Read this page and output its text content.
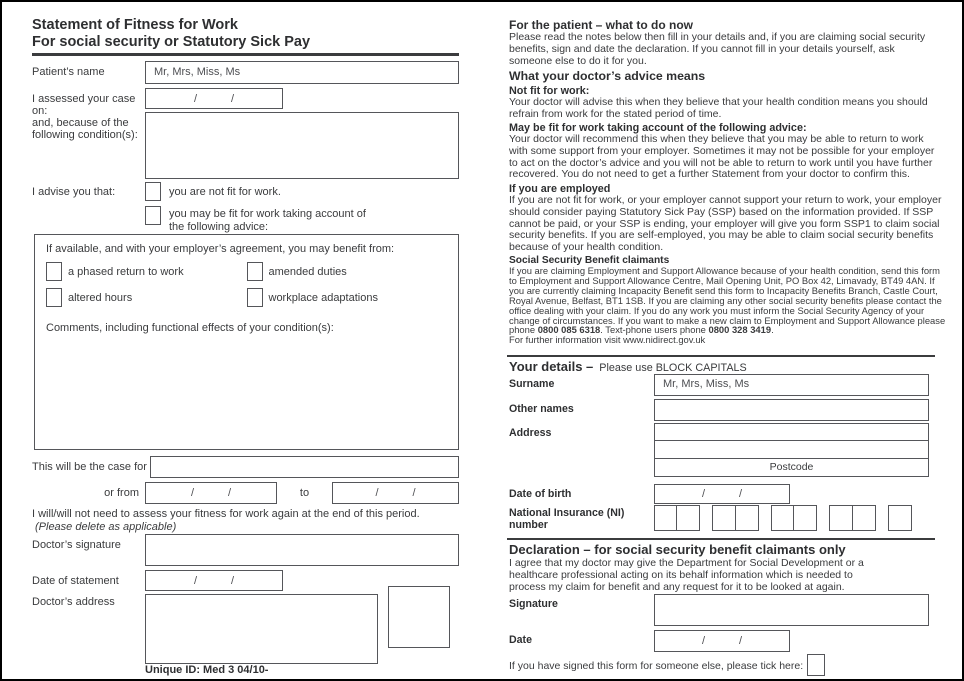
Statement of Fitness for Work
For social security or Statutory Sick Pay
Patient’s name	Mr, Mrs, Miss, Ms
I assessed your case on:
/	/
and, because of the following condition(s):
I advise you that:	you are not fit for work.
you may be fit for work taking account of the following advice:
If available, and with your employer’s agreement, you may benefit from:
a phased return to work	amended duties
altered hours	workplace adaptations
Comments, including functional effects of your condition(s):
This will be the case for
or from	/	/	to	/	/
I will/will not need to assess your fitness for work again at the end of this period.
(Please delete as applicable)
Doctor’s signature
Date of statement	/	/
Doctor’s address
Unique ID: Med 3 04/10-
For the patient – what to do now
Please read the notes below then fill in your details and, if you are claiming social security benefits, sign and date the declaration. If you cannot fill in your details yourself, ask someone else to do it for you.
What your doctor’s advice means
Not fit for work:
Your doctor will advise this when they believe that your health condition means you should refrain from work for the stated period of time.
May be fit for work taking account of the following advice:
Your doctor will recommend this when they believe that you may be able to return to work with some support from your employer. Sometimes it may not be possible for your employer to act on the doctor’s advice and you will not be able to return to work until you have further recovered. You do not need to get a further Statement from your doctor to confirm this.
If you are employed
If you are not fit for work, or your employer cannot support your return to work, your employer should consider paying Statutory Sick Pay (SSP) based on the information provided. If SSP cannot be paid, or your SSP is ending, your employer will give you form SSP1 to claim social security benefits. If you are self-employed, you may be able to claim social security benefits because of your health condition.
Social Security Benefit claimants
If you are claiming Employment and Support Allowance because of your health condition, send this form to Employment and Support Allowance Centre, Mail Opening Unit, PO Box 42, Limavady, BT49 4AN. If you are currently claiming Incapacity Benefit send this form to Incapacity Benefits Branch, Castle Court, Royal Avenue, Belfast, BT1 1SB. If you are claiming any other social security benefits please contact the office dealing with your claim. If you do any work you must inform the Social Security Agency of your change of circumstances. If you want to make a new claim to Employment and Support Allowance please phone 0800 085 6318. Text-phone users phone 0800 328 3419.
For further information visit www.nidirect.gov.uk
Your details – Please use BLOCK CAPITALS
Surname	Mr, Mrs, Miss, Ms
Other names
Address
Postcode
Date of birth	/	/
National Insurance (NI) number
Declaration – for social security benefit claimants only
I agree that my doctor may give the Department for Social Development or a healthcare professional acting on its behalf information which is needed to process my claim for benefit and any request for it to be looked at again.
Signature
Date	/	/
If you have signed this form for someone else, please tick here:
